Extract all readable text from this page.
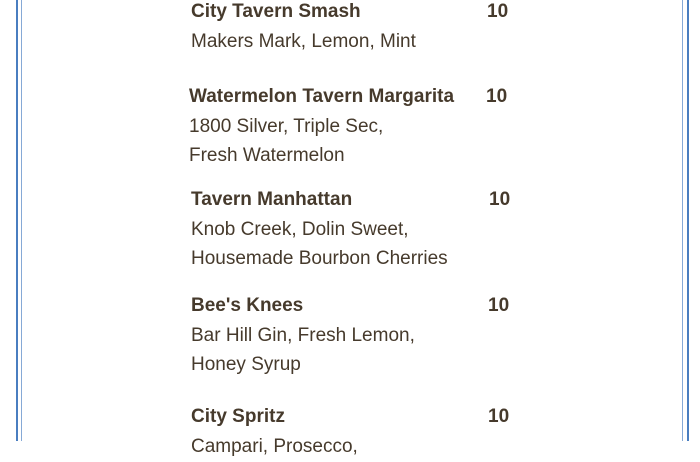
City Tavern Smash	10
Makers Mark, Lemon, Mint
Watermelon Tavern Margarita 10
1800 Silver, Triple Sec,
Fresh Watermelon
Tavern Manhattan	10
Knob Creek, Dolin Sweet,
Housemade Bourbon Cherries
Bee's Knees	10
Bar Hill Gin, Fresh Lemon,
Honey Syrup
City Spritz	10
Campari, Prosecco,
